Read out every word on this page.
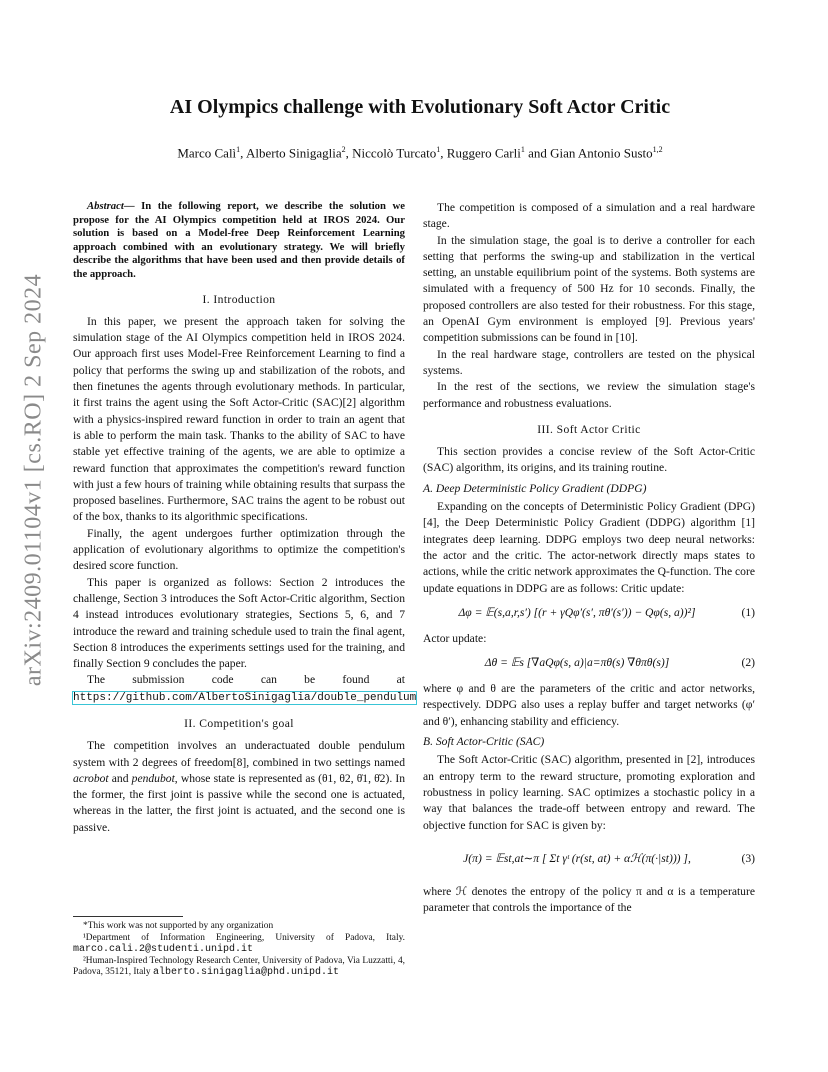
arXiv:2409.01104v1 [cs.RO] 2 Sep 2024
AI Olympics challenge with Evolutionary Soft Actor Critic
Marco Calì$^1$, Alberto Sinigaglia$^2$, Niccolò Turcato$^1$, Ruggero Carli$^1$ and Gian Antonio Susto$^{1,2}$

Abstract— In the following report, we describe the solution we propose for the AI Olympics competition held at IROS 2024. Our solution is based on a Model-free Deep Reinforcement Learning approach combined with an evolutionary strategy. We will briefly describe the algorithms that have been used and then provide details of the approach.

I. Introduction

In this paper, we present the approach taken for solving the simulation stage of the AI Olympics competition held in IROS 2024. Our approach first uses Model-Free Reinforcement Learning to find a policy that performs the swing up and stabilization of the robots, and then finetunes the agents through evolutionary methods. In particular, it first trains the agent using the Soft Actor-Critic (SAC)[2] algorithm with a physics-inspired reward function in order to train an agent that is able to perform the main task. Thanks to the ability of SAC to have stable yet effective training of the agents, we are able to optimize a reward function that approximates the competition's reward function with just a few hours of training while obtaining results that surpass the proposed baselines. Furthermore, SAC trains the agent to be robust out of the box, thanks to its algorithmic specifications.

Finally, the agent undergoes further optimization through the application of evolutionary algorithms to optimize the competition's desired score function.

This paper is organized as follows: Section 2 introduces the challenge, Section 3 introduces the Soft Actor-Critic algorithm, Section 4 instead introduces evolutionary strategies, Sections 5, 6, and 7 introduce the reward and training schedule used to train the final agent, Section 8 introduces the experiments settings used for the training, and finally Section 9 concludes the paper.

The submission code can be found at https://github.com/AlbertoSinigaglia/double_pendulum

II. Competition's goal

The competition involves an underactuated double pendulum system with 2 degrees of freedom[8], combined in two settings named acrobot and pendubot, whose state is represented as (θ1, θ2, θ̇1, θ̇2). In the former, the first joint is passive while the second one is actuated, whereas in the latter, the first joint is actuated, and the second one is passive.

*This work was not supported by any organization
¹Department of Information Engineering, University of Padova, Italy. marco.cali.2@studenti.unipd.it
²Human-Inspired Technology Research Center, University of Padova, Via Luzzatti, 4, Padova, 35121, Italy alberto.sinigaglia@phd.unipd.it

The competition is composed of a simulation and a real hardware stage.

In the simulation stage, the goal is to derive a controller for each setting that performs the swing-up and stabilization in the vertical setting, an unstable equilibrium point of the systems. Both systems are simulated with a frequency of 500 Hz for 10 seconds. Finally, the proposed controllers are also tested for their robustness. For this stage, an OpenAI Gym environment is employed [9]. Previous years' competition submissions can be found in [10].

In the real hardware stage, controllers are tested on the physical systems.

In the rest of the sections, we review the simulation stage's performance and robustness evaluations.

III. Soft Actor Critic

This section provides a concise review of the Soft Actor-Critic (SAC) algorithm, its origins, and its training routine.

A. Deep Deterministic Policy Gradient (DDPG)

Expanding on the concepts of Deterministic Policy Gradient (DPG) [4], the Deep Deterministic Policy Gradient (DDPG) algorithm [1] integrates deep learning. DDPG employs two deep neural networks: the actor and the critic. The actor-network directly maps states to actions, while the critic network approximates the Q-function. The core update equations in DDPG are as follows: Critic update:

Δφ = 𝔼(s,a,r,s′) [(r + γQφ′(s′, πθ′(s′)) − Qφ(s, a))²]	(1)

Actor update:

Δθ = 𝔼s [∇aQφ(s, a)|a=πθ(s) ∇θπθ(s)]	(2)

where φ and θ are the parameters of the critic and actor networks, respectively. DDPG also uses a replay buffer and target networks (φ′ and θ′), enhancing stability and efficiency.

B. Soft Actor-Critic (SAC)

The Soft Actor-Critic (SAC) algorithm, presented in [2], introduces an entropy term to the reward structure, promoting exploration and robustness in policy learning. SAC optimizes a stochastic policy in a way that balances the trade-off between entropy and reward. The objective function for SAC is given by:

J(π) = 𝔼st,at∼π [ Σt γᵗ (r(st, at) + αℋ(π(·|st))) ],	(3)

where ℋ denotes the entropy of the policy π and α is a temperature parameter that controls the importance of the
